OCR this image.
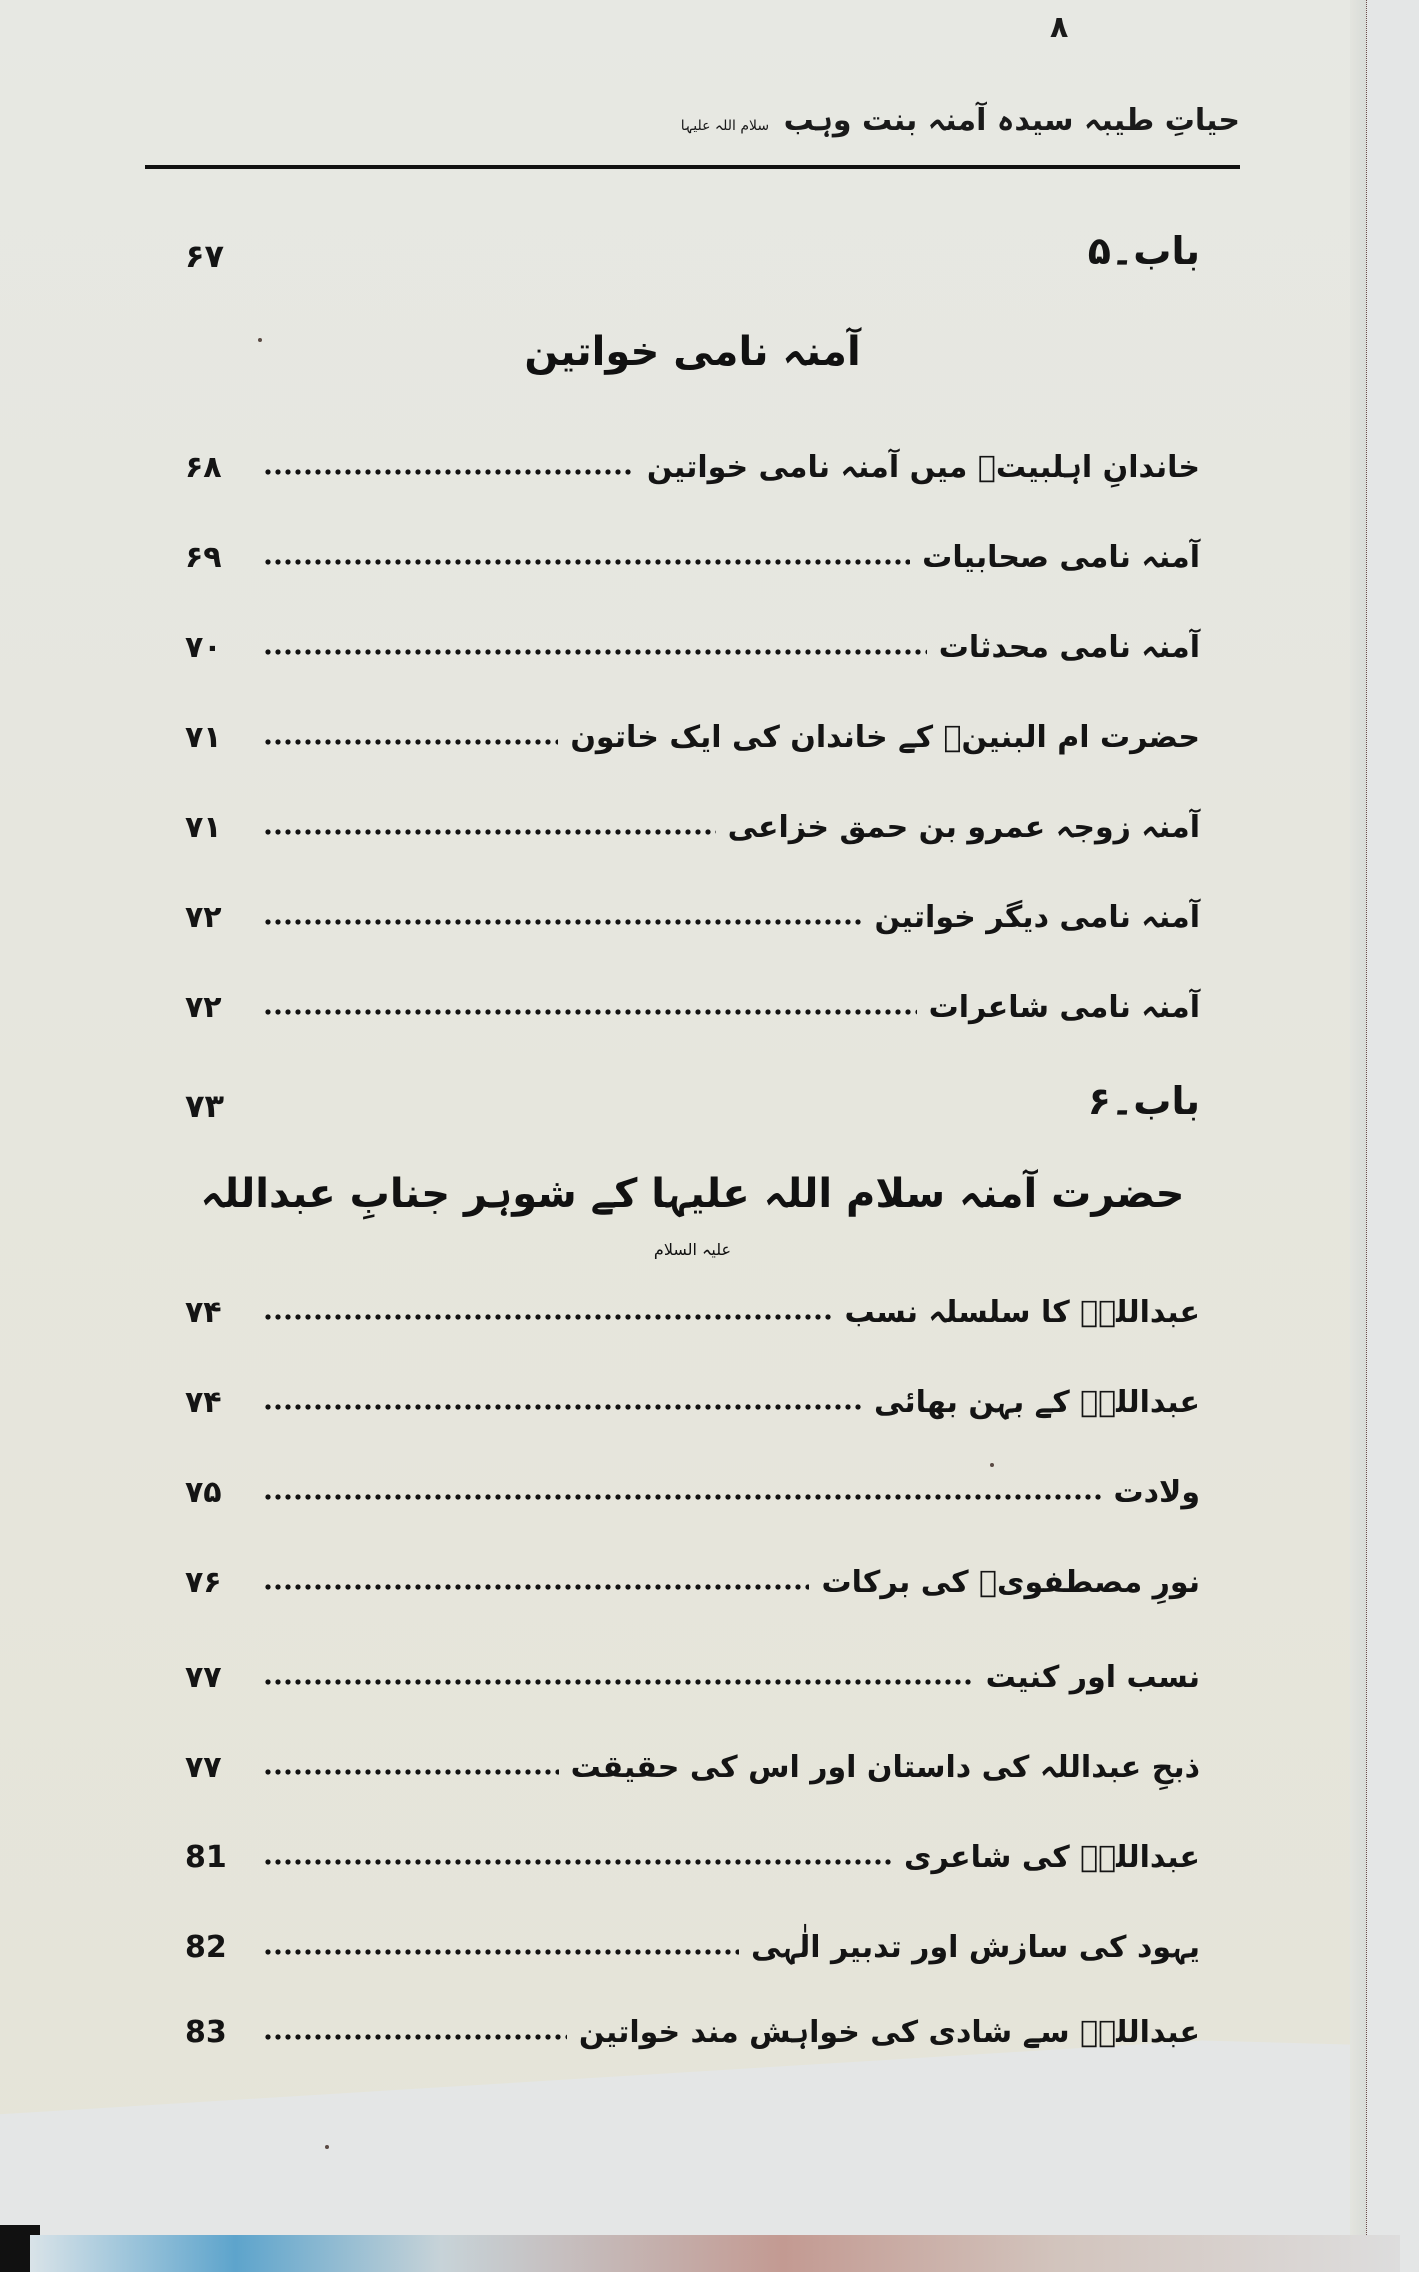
حیاتِ طیبہ سیدہ آمنہ بنت وہب سلام اللہ علیہا
۸
باب۔۵
۶۷
آمنہ نامی خواتین
خاندانِ اہلبیتؑ میں آمنہ نامی خواتین
۶۸
آمنہ نامی صحابیات
۶۹
آمنہ نامی محدثات
۷۰
حضرت ام البنینؑ کے خاندان کی ایک خاتون
۷۱
آمنہ زوجہ عمرو بن حمق خزاعی
۷۱
آمنہ نامی دیگر خواتین
۷۲
آمنہ نامی شاعرات
۷۲
باب۔۶
۷۳
حضرت آمنہ سلام اللہ علیہا کے شوہر جنابِ عبداللہ علیہ السلام
عبداللہؑ کا سلسلہ نسب
۷۴
عبداللہؑ کے بہن بھائی
۷۴
ولادت
۷۵
نورِ مصطفویؐ کی برکات
۷۶
نسب اور کنیت
۷۷
ذبحِ عبداللہ کی داستان اور اس کی حقیقت
۷۷
عبداللہؑ کی شاعری
81
یہود کی سازش اور تدبیر الٰہی
82
عبداللہؑ سے شادی کی خواہش مند خواتین
83
